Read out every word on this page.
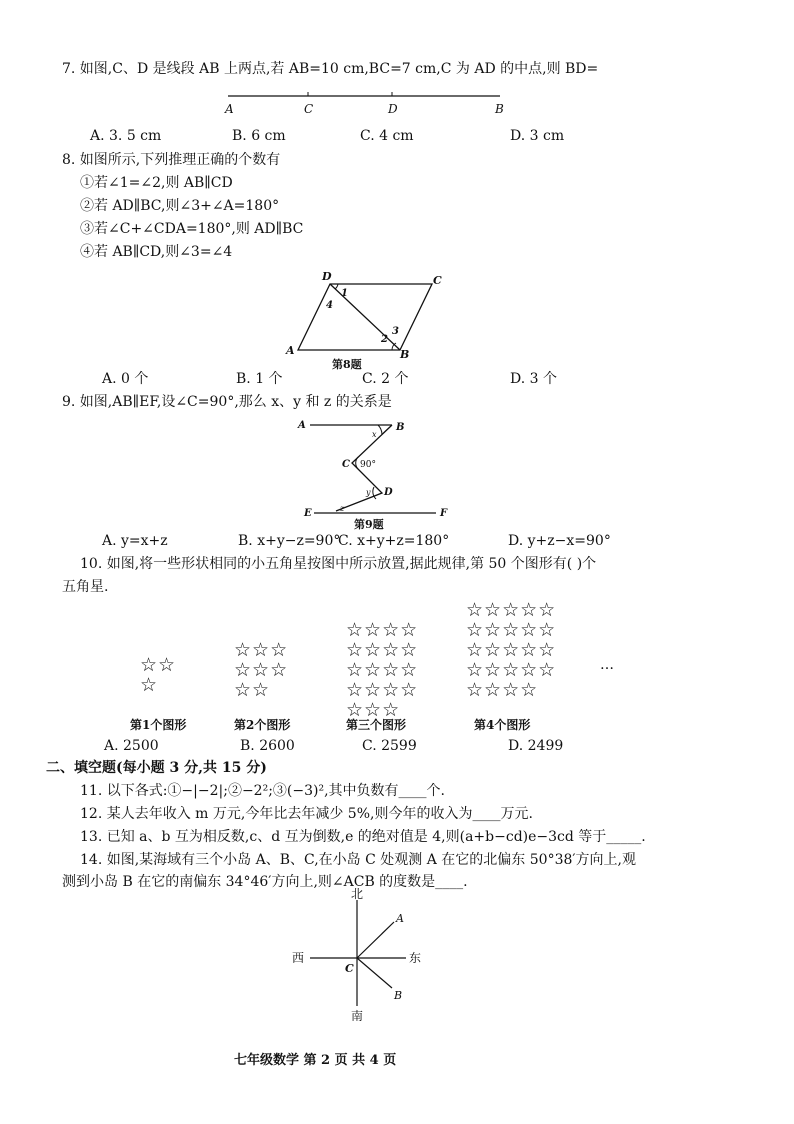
7. 如图,C、D 是线段 AB 上两点,若 AB=10 cm,BC=7 cm,C 为 AD 的中点,则 BD=
A	C	D	B
A. 3. 5 cm	B. 6 cm	C. 4 cm	D. 3 cm
8. 如图所示,下列推理正确的个数有
①若∠1=∠2,则 AB∥CD
②若 AD∥BC,则∠3+∠A=180°
③若∠C+∠CDA=180°,则 AD∥BC
④若 AB∥CD,则∠3=∠4
D	C
A	B
1
4
3
2
第8题
A. 0 个	B. 1 个	C. 2 个	D. 3 个
9. 如图,AB∥EF,设∠C=90°,那么 x、y 和 z 的关系是
A	B
C 90°
D
E	F
x
y
z
第9题
A. y=x+z	B. x+y−z=90°
C. x+y+z=180°	D. y+z−x=90°
10. 如图,将一些形状相同的小五角星按图中所示放置,据此规律,第 50 个图形有( )个
五角星.
☆☆
☆
☆☆☆
☆☆☆
☆☆
☆☆☆☆
☆☆☆☆
☆☆☆☆
☆☆☆☆
☆☆☆
☆☆☆☆☆
☆☆☆☆☆
☆☆☆☆☆
☆☆☆☆☆
☆☆☆☆
…
第1个图形	第2个图形	第三个图形	第4个图形
A. 2500	B. 2600	C. 2599	D. 2499
二、填空题(每小题 3 分,共 15 分)
11. 以下各式:①−|−2|;②−2²;③(−3)²,其中负数有____个.
12. 某人去年收入 m 万元,今年比去年减少 5%,则今年的收入为____万元.
13. 已知 a、b 互为相反数,c、d 互为倒数,e 的绝对值是 4,则(a+b−cd)e−3cd 等于_____.
14. 如图,某海域有三个小岛 A、B、C,在小岛 C 处观测 A 在它的北偏东 50°38′方向上,观
测到小岛 B 在它的南偏东 34°46′方向上,则∠ACB 的度数是____.
北
南
西	东
C
A
B
七年级数学 第 2 页 共 4 页
